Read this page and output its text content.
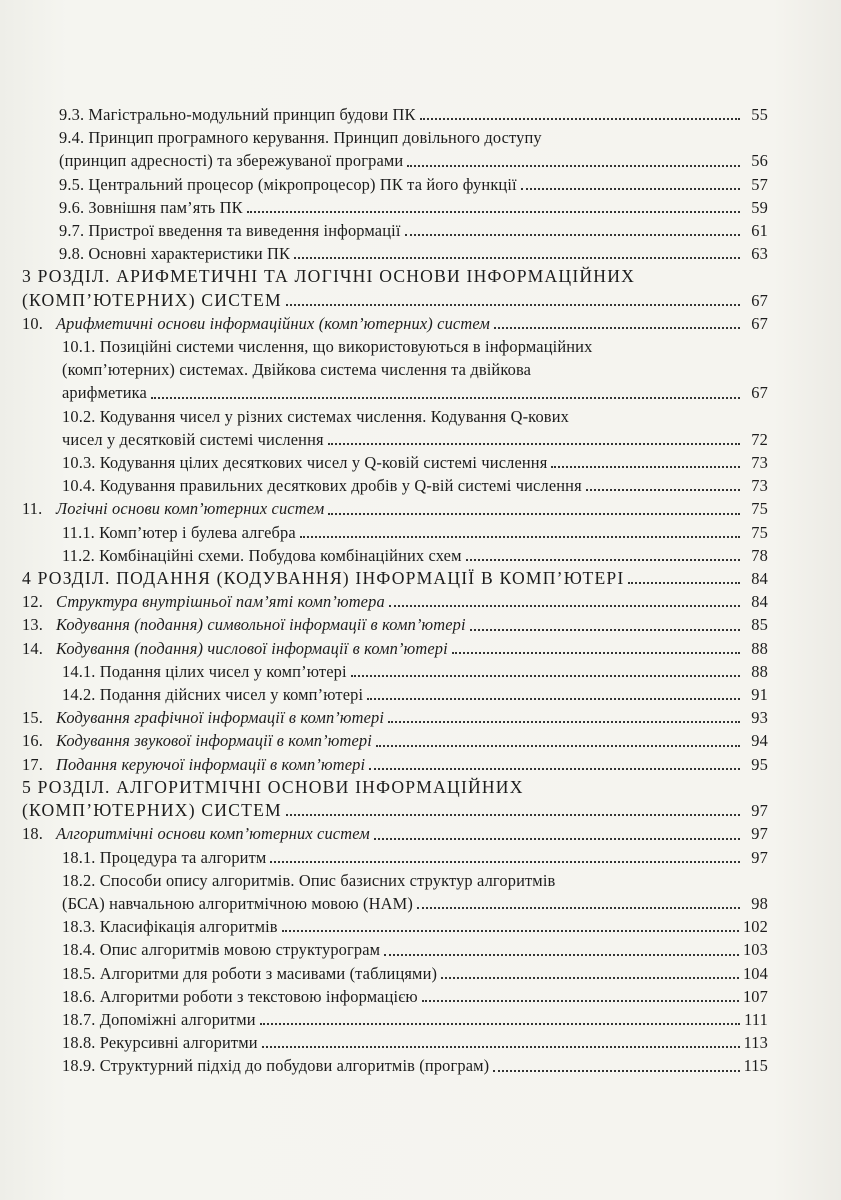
9.3. Магістрально-модульний принцип будови ПК	55
9.4. Принцип програмного керування. Принцип довільного доступу
(принцип адресності) та збережуваної програми	56
9.5. Центральний процесор (мікропроцесор) ПК та його функції	57
9.6. Зовнішня пам’ять ПК	59
9.7. Пристрої введення та виведення інформації	61
9.8. Основні характеристики ПК	63
3 РОЗДІЛ. АРИФМЕТИЧНІ ТА ЛОГІЧНІ ОСНОВИ ІНФОРМАЦІЙНИХ
(КОМП’ЮТЕРНИХ) СИСТЕМ	67
10. Арифметичні основи інформаційних (комп’ютерних) систем	67
10.1. Позиційні системи числення, що використовуються в інформаційних
(комп’ютерних) системах. Двійкова система числення та двійкова
арифметика	67
10.2. Кодування чисел у різних системах числення. Кодування Q-кових
чисел у десятковій системі числення	72
10.3. Кодування цілих десяткових чисел у Q-ковій системі числення	73
10.4. Кодування правильних десяткових дробів у Q-вій системі числення	73
11. Логічні основи комп’ютерних систем	75
11.1. Комп’ютер і булева алгебра	75
11.2. Комбінаційні схеми. Побудова комбінаційних схем	78
4 РОЗДІЛ. ПОДАННЯ (КОДУВАННЯ) ІНФОРМАЦІЇ В КОМП’ЮТЕРІ	84
12. Структура внутрішньої пам’яті комп’ютера	84
13. Кодування (подання) символьної інформації в комп’ютері	85
14. Кодування (подання) числової інформації в комп’ютері	88
14.1. Подання цілих чисел у комп’ютері	88
14.2. Подання дійсних чисел у комп’ютері	91
15. Кодування графічної інформації в комп’ютері	93
16. Кодування звукової інформації в комп’ютері	94
17. Подання керуючої інформації в комп’ютері	95
5 РОЗДІЛ. АЛГОРИТМІЧНІ ОСНОВИ ІНФОРМАЦІЙНИХ
(КОМП’ЮТЕРНИХ) СИСТЕМ	97
18. Алгоритмічні основи комп’ютерних систем	97
18.1. Процедура та алгоритм	97
18.2. Способи опису алгоритмів. Опис базисних структур алгоритмів
(БСА) навчальною алгоритмічною мовою (НАМ)	98
18.3. Класифікація алгоритмів	102
18.4. Опис алгоритмів мовою структурограм	103
18.5. Алгоритми для роботи з масивами (таблицями)	104
18.6. Алгоритми роботи з текстовою інформацією	107
18.7. Допоміжні алгоритми	111
18.8. Рекурсивні алгоритми	113
18.9. Структурний підхід до побудови алгоритмів (програм)	115
